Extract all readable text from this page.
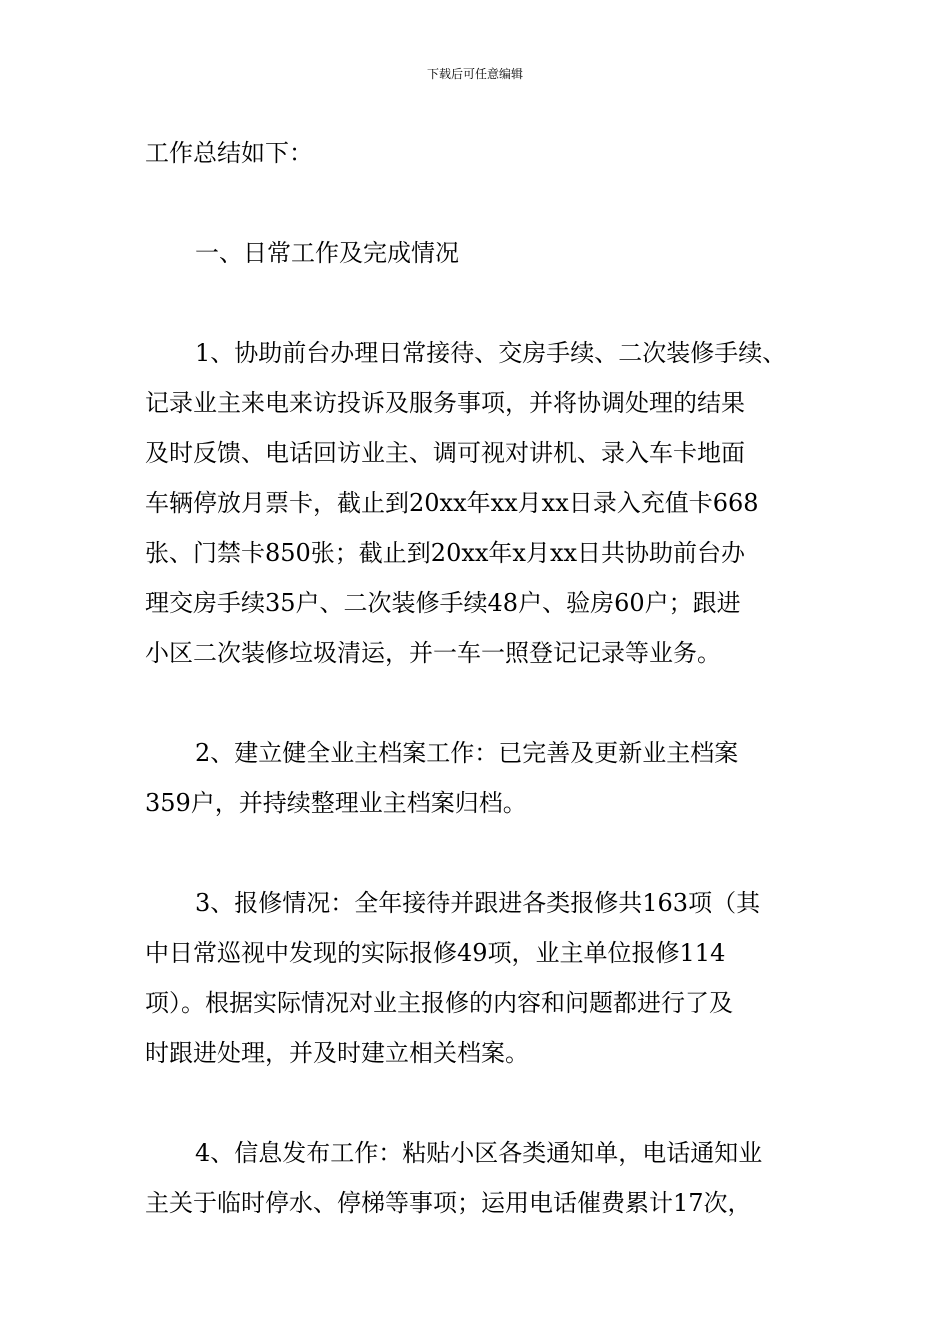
下载后可任意编辑
工作总结如下：
一、日常工作及完成情况
1、协助前台办理日常接待、交房手续、二次装修手续、
记录业主来电来访投诉及服务事项，并将协调处理的结果
及时反馈、电话回访业主、调可视对讲机、录入车卡地面
车辆停放月票卡，截止到20xx年xx月xx日录入充值卡668
张、门禁卡850张；截止到20xx年x月xx日共协助前台办
理交房手续35户、二次装修手续48户、验房60户；跟进
小区二次装修垃圾清运，并一车一照登记记录等业务。
2、建立健全业主档案工作：已完善及更新业主档案
359户，并持续整理业主档案归档。
3、报修情况：全年接待并跟进各类报修共163项（其
中日常巡视中发现的实际报修49项，业主单位报修114
项）。根据实际情况对业主报修的内容和问题都进行了及
时跟进处理，并及时建立相关档案。
4、信息发布工作：粘贴小区各类通知单，电话通知业
主关于临时停水、停梯等事项；运用电话催费累计17次，
